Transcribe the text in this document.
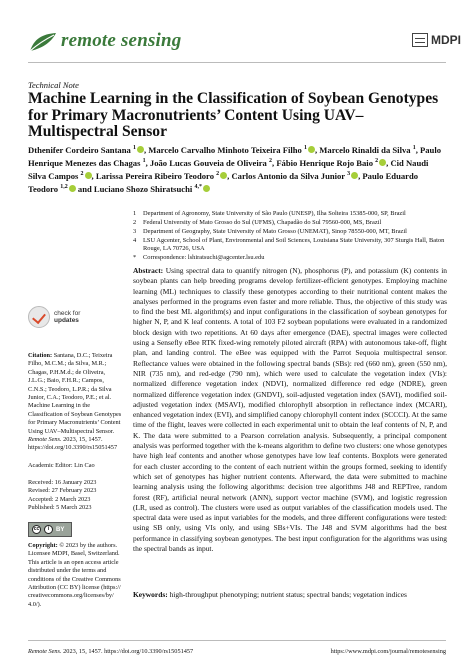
remote sensing	MDPI
Technical Note
Machine Learning in the Classification of Soybean Genotypes for Primary Macronutrients’ Content Using UAV–Multispectral Sensor
Dthenifer Cordeiro Santana $^1$ , Marcelo Carvalho Minhoto Teixeira Filho $^1$ , Marcelo Rinaldi da Silva $^1$, Paulo Henrique Menezes das Chagas $^1$, João Lucas Gouveia de Oliveira $^2$, Fábio Henrique Rojo Baio $^2$ , Cid Naudi Silva Campos $^2$ , Larissa Pereira Ribeiro Teodoro $^2$ , Carlos Antonio da Silva Junior $^3$ , Paulo Eduardo Teodoro $^{1,2}$ and Luciano Shozo Shiratsuchi $^{4,*}$
1 Department of Agronomy, State University of São Paulo (UNESP), Ilha Solteira 15385-000, SP, Brazil
2 Federal University of Mato Grosso do Sul (UFMS), Chapadão do Sul 79560-000, MS, Brazil
3 Department of Geography, State University of Mato Grosso (UNEMAT), Sinop 78550-000, MT, Brazil
4 LSU Agcenter, School of Plant, Environmental and Soil Sciences, Louisiana State University, 307 Sturgis Hall, Baton Rouge, LA 70726, USA
* Correspondence: lshiratsuchi@agcenter.lsu.edu
check for
updates
Citation: Santana, D.C.; Teixeira Filho, M.C.M.; da Silva, M.R.; Chagas, P.H.M.d.; de Oliveira, J.L.G.; Baio, F.H.R.; Campos, C.N.S.; Teodoro, L.P.R.; da Silva Junior, C.A.; Teodoro, P.E.; et al. Machine Learning in the Classification of Soybean Genotypes for Primary Macronutrients’ Content Using UAV–Multispectral Sensor. Remote Sens. 2023, 15, 1457. https://doi.org/10.3390/rs15051457
Academic Editor: Lin Cao
Received: 16 January 2023
Revised: 27 February 2023
Accepted: 2 March 2023
Published: 5 March 2023
cc	i	BY
Copyright: © 2023 by the authors. Licensee MDPI, Basel, Switzerland. This article is an open access article distributed under the terms and conditions of the Creative Commons Attribution (CC BY) license (https:// creativecommons.org/licenses/by/ 4.0/).
Abstract: Using spectral data to quantify nitrogen (N), phosphorus (P), and potassium (K) contents in soybean plants can help breeding programs develop fertilizer-efficient genotypes. Employing machine learning (ML) techniques to classify these genotypes according to their nutritional content makes the analyses performed in the programs even faster and more reliable. Thus, the objective of this study was to find the best ML algorithm(s) and input configurations in the classification of soybean genotypes for higher N, P, and K leaf contents. A total of 103 F2 soybean populations were evaluated in a randomized block design with two repetitions. At 60 days after emergence (DAE), spectral images were collected using a Sensefly eBee RTK fixed-wing remotely piloted aircraft (RPA) with autonomous take-off, flight plan, and landing control. The eBee was equipped with the Parrot Sequoia multispectral sensor. Reflectance values were obtained in the following spectral bands (SBs): red (660 nm), green (550 nm), NIR (735 nm), and red-edge (790 nm), which were used to calculate the vegetation index (VIs): normalized difference vegetation index (NDVI), normalized difference red edge (NDRE), green normalized difference vegetation index (GNDVI), soil-adjusted vegetation index (SAVI), modified soil-adjusted vegetation index (MSAVI), modified chlorophyll absorption in reflectance index (MCARI), enhanced vegetation index (EVI), and simplified canopy chlorophyll content index (SCCCI). At the same time of the flight, leaves were collected in each experimental unit to obtain the leaf contents of N, P, and K. The data were submitted to a Pearson correlation analysis. Subsequently, a principal component analysis was performed together with the k-means algorithm to define two clusters: one whose genotypes have high leaf contents and another whose genotypes have low leaf contents. Boxplots were generated for each cluster according to the content of each nutrient within the groups formed, seeking to identify which set of genotypes has higher nutrient contents. Afterward, the data were submitted to machine learning analysis using the following algorithms: decision tree algorithms J48 and REPTree, random forest (RF), artificial neural network (ANN), support vector machine (SVM), and logistic regression (LR, used as control). The clusters were used as output variables of the classification models used. The spectral data were used as input variables for the models, and three different configurations were tested: using SB only, using VIs only, and using SBs+VIs. The J48 and SVM algorithms had the best performance in classifying soybean genotypes. The best input configuration for the algorithms was using the spectral bands as input.
Keywords: high-throughput phenotyping; nutrient status; spectral bands; vegetation indices
Remote Sens. 2023, 15, 1457. https://doi.org/10.3390/rs15051457	https://www.mdpi.com/journal/remotesensing
